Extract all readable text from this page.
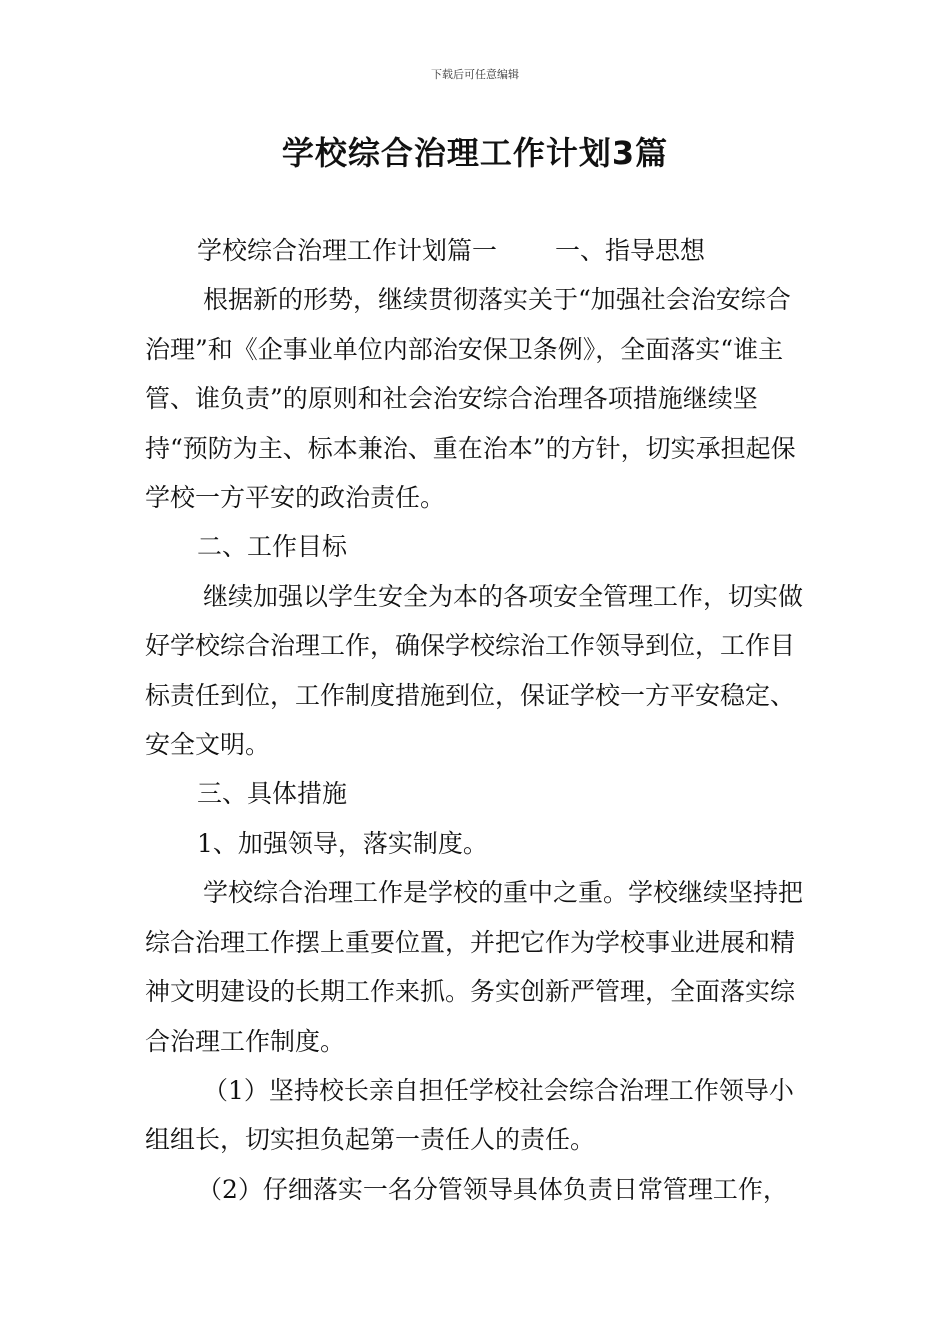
下载后可任意编辑
学校综合治理工作计划3篇

学校综合治理工作计划篇一 一、指导思想

根据新的形势，继续贯彻落实关于“加强社会治安综合治理”和《企事业单位内部治安保卫条例》，全面落实“谁主管、谁负责”的原则和社会治安综合治理各项措施继续坚持“预防为主、标本兼治、重在治本”的方针，切实承担起保学校一方平安的政治责任。

二、工作目标

继续加强以学生安全为本的各项安全管理工作，切实做好学校综合治理工作，确保学校综治工作领导到位，工作目标责任到位，工作制度措施到位，保证学校一方平安稳定、安全文明。

三、具体措施

1、加强领导，落实制度。

学校综合治理工作是学校的重中之重。学校继续坚持把综合治理工作摆上重要位置，并把它作为学校事业进展和精神文明建设的长期工作来抓。务实创新严管理，全面落实综合治理工作制度。

（1）坚持校长亲自担任学校社会综合治理工作领导小组组长，切实担负起第一责任人的责任。

（2）仔细落实一名分管领导具体负责日常管理工作，
